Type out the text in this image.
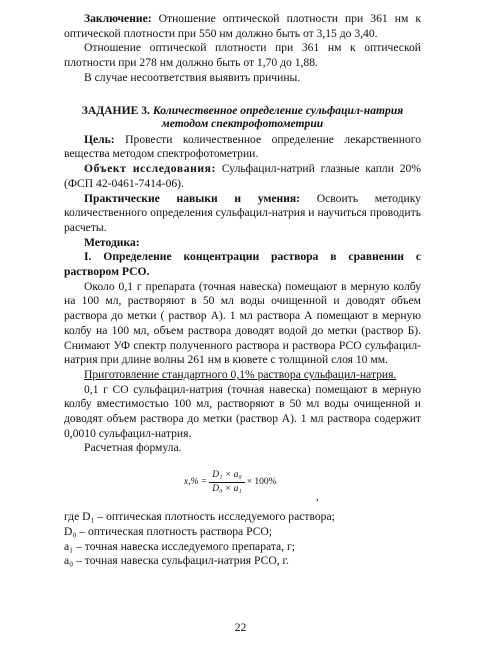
Заключение: Отношение оптической плотности при 361 нм к оптической плотности при 550 нм должно быть от 3,15 до 3,40.

Отношение оптической плотности при 361 нм к оптической плотности при 278 нм должно быть от 1,70 до 1,88.

В случае несоответствия выявить причины.

ЗАДАНИЕ 3. Количественное определение сульфацил-натрия
методом спектрофотометрии

Цель: Провести количественное определение лекарственного вещества методом спектрофотометрии.

Объект исследования: Сульфацил-натрий глазные капли 20% (ФСП 42-0461-7414-06).

Практические навыки и умения: Освоить методику количественного определения сульфацил-натрия и научиться проводить расчеты.

Методика:

I. Определение концентрации раствора в сравнении с раствором РСО.

Около 0,1 г препарата (точная навеска) помещают в мерную колбу на 100 мл, растворяют в 50 мл воды очищенной и доводят объем раствора до метки ( раствор А). 1 мл раствора А помещают в мерную колбу на 100 мл, объем раствора доводят водой до метки (раствор Б). Снимают УФ спектр полученного раствора и раствора РСО сульфацил-натрия при длине волны 261 нм в кювете с толщиной слоя 10 мм.

Приготовление стандартного 0,1% раствора сульфацил-натрия.

0,1 г СО сульфацил-натрия (точная навеска) помещают в мерную колбу вместимостью 100 мл, растворяют в 50 мл воды очищенной и доводят объем раствора до метки (раствор А). 1 мл раствора содержит 0,0010 сульфацил-натрия.

Расчетная формула.

$x,\% = \frac{\text{D₁ × a₀}}{\text{D₀ × a₁}} \times 100\%$
,

где D₁ – оптическая плотность исследуемого раствора;

D₀ – оптическая плотность раствора РСО;

a₁ – точная навеска исследуемого препарата, г;

a₀ – точная навеска сульфацил-натрия РСО, г.

22
